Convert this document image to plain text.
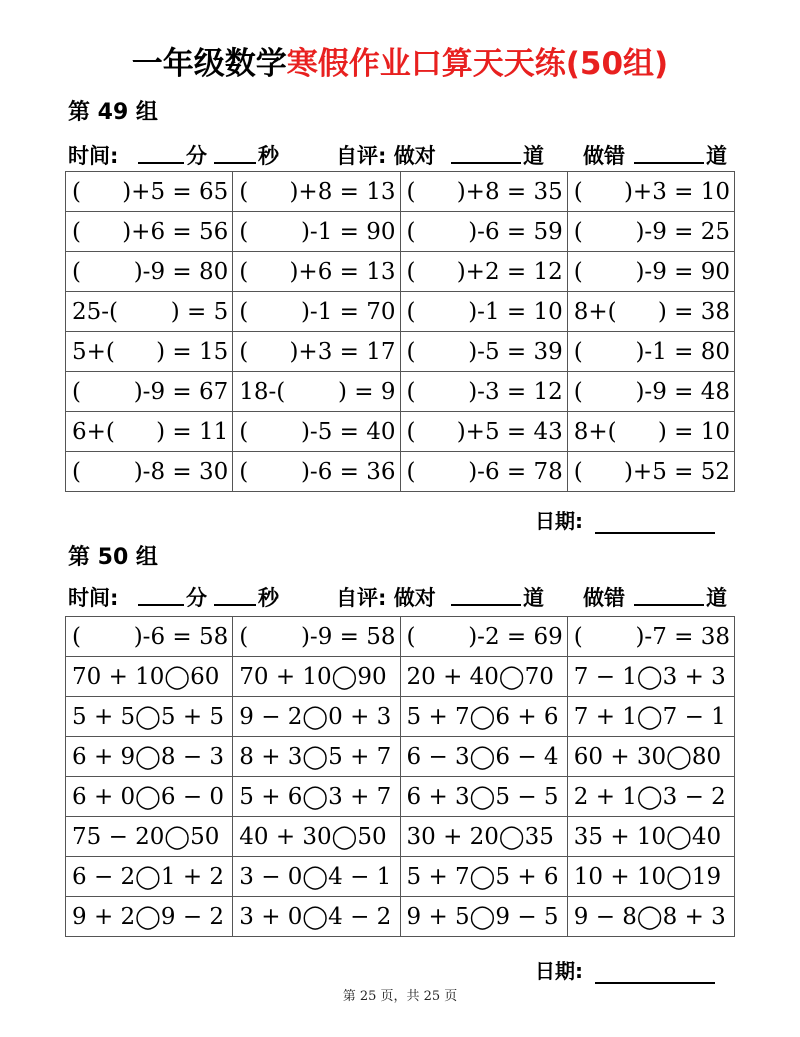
一年级数学寒假作业口算天天练(50组)
第 49 组
时间:	分 秒	自评: 做对	道 做错	道
( )+5 = 65	( )+8 = 13	( )+8 = 35	( )+3 = 10

( )+6 = 56	( )-1 = 90	( )-6 = 59	( )-9 = 25

( )-9 = 80	( )+6 = 13	( )+2 = 12	( )-9 = 90

25-( ) = 5	( )-1 = 70	( )-1 = 10	8+( ) = 38

5+( ) = 15	( )+3 = 17	( )-5 = 39	( )-1 = 80

( )-9 = 67	18-( ) = 9	( )-3 = 12	( )-9 = 48

6+( ) = 11	( )-5 = 40	( )+5 = 43	8+( ) = 10

( )-8 = 30	( )-6 = 36	( )-6 = 78	( )+5 = 52
日期:
第 50 组
时间:	分 秒	自评: 做对	道 做错	道
( )-6 = 58	( )-9 = 58	( )-2 = 69	( )-7 = 38

70 + 10◯60	70 + 10◯90	20 + 40◯70	7 − 1◯3 + 3

5 + 5◯5 + 5	9 − 2◯0 + 3	5 + 7◯6 + 6	7 + 1◯7 − 1

6 + 9◯8 − 3	8 + 3◯5 + 7	6 − 3◯6 − 4	60 + 30◯80

6 + 0◯6 − 0	5 + 6◯3 + 7	6 + 3◯5 − 5	2 + 1◯3 − 2

75 − 20◯50	40 + 30◯50	30 + 20◯35	35 + 10◯40

6 − 2◯1 + 2	3 − 0◯4 − 1	5 + 7◯5 + 6	10 + 10◯19

9 + 2◯9 − 2	3 + 0◯4 − 2	9 + 5◯9 − 5	9 − 8◯8 + 3
日期:
第 25 页，共 25 页
